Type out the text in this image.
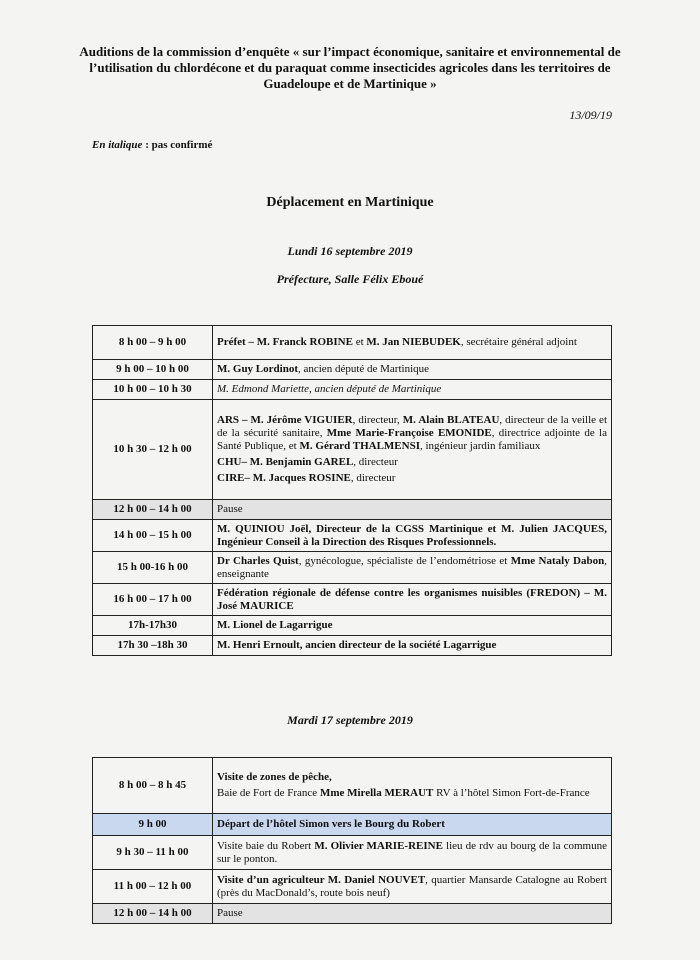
Auditions de la commission d’enquête « sur l’impact économique, sanitaire et environnemental de l’utilisation du chlordécone et du paraquat comme insecticides agricoles dans les territoires de Guadeloupe et de Martinique »
13/09/19
En italique : pas confirmé
Déplacement en Martinique
Lundi 16 septembre 2019
Préfecture, Salle Félix Eboué
8 h 00 – 9 h 00	Préfet – M. Franck ROBINE et M. Jan NIEBUDEK, secrétaire général adjoint
9 h 00 – 10 h 00	M. Guy Lordinot, ancien député de Martinique
10 h 00 – 10 h 30	M. Edmond Mariette, ancien député de Martinique
10 h 30 – 12 h 00	ARS – M. Jérôme VIGUIER, directeur, M. Alain BLATEAU, directeur de la veille et de la sécurité sanitaire, Mme Marie-Françoise EMONIDE, directrice adjointe de la Santé Publique, et M. Gérard THALMENSI, ingénieur jardin familiaux
CHU– M. Benjamin GAREL, directeur
CIRE– M. Jacques ROSINE, directeur

12 h 00 – 14 h 00	Pause
14 h 00 – 15 h 00	M. QUINIOU Joël, Directeur de la CGSS Martinique et M. Julien JACQUES, Ingénieur Conseil à la Direction des Risques Professionnels.
15 h 00-16 h 00	Dr Charles Quist, gynécologue, spécialiste de l’endométriose et Mme Nataly Dabon, enseignante
16 h 00 – 17 h 00	Fédération régionale de défense contre les organismes nuisibles (FREDON) – M. José MAURICE
17h-17h30	M. Lionel de Lagarrigue
17h 30 –18h 30	M. Henri Ernoult, ancien directeur de la société Lagarrigue
Mardi 17 septembre 2019
8 h 00 – 8 h 45	Visite de zones de pêche,
Baie de Fort de France Mme Mirella MERAUT RV à l’hôtel Simon Fort-de-France

9 h 00	Départ de l’hôtel Simon vers le Bourg du Robert
9 h 30 – 11 h 00	Visite baie du Robert M. Olivier MARIE-REINE lieu de rdv au bourg de la commune sur le ponton.
11 h 00 – 12 h 00	Visite d’un agriculteur M. Daniel NOUVET, quartier Mansarde Catalogne au Robert (près du MacDonald’s, route bois neuf)
12 h 00 – 14 h 00	Pause
